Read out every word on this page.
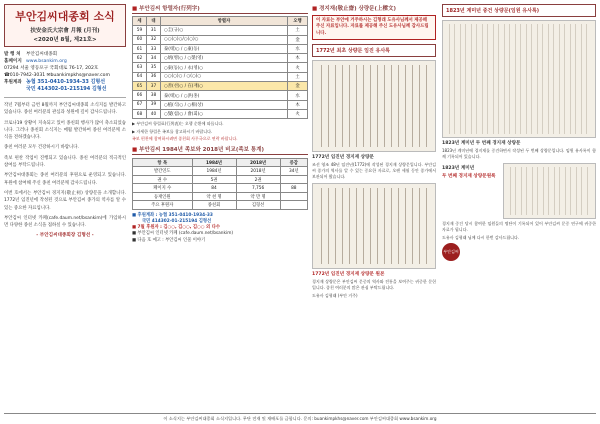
부안김씨대종회 소식
扶安金氏大宗會 月報 (月刊)
<2020년 8월, 제21호>
발 행 처 부안김씨대종회
홈페이지 www.bsankim.org
07294 서울 영등포구 국회대로 76-17, 202호
☎010-7942-3031 ✉buankimpkhs@naver.com
후원계좌 농협 351-0410-1934-33 김형선
국민 414302-01-215194 김형선
작년 7월부터 금번 8월까지 부안김씨대종회 소식지를 발간하고 있습니다. 종친 여러분의 관심과 성원에 깊이 감사드립니다.
코로나19 상황이 지속되고 있어 종친회 행사가 많이 축소되었습니다. 그러나 종친회 소식지는 매월 발간하여 종친 여러분께 소식을 전하겠습니다.
종친 여러분 모두 건강하시기 바랍니다.
족보 편찬 작업이 진행되고 있습니다. 종친 여러분의 적극적인 참여를 부탁드립니다.
부안김씨대종회는 종친 여러분의 후원으로 운영되고 있습니다. 후원에 참여해 주신 종친 여러분께 감사드립니다.
이번 호에서는 부안김씨 경지지(敬止祠) 상량문을 소개합니다. 1772년 임진년에 작성된 것으로 부안김씨 종가의 역사를 알 수 있는 중요한 자료입니다.
부안김씨 인터넷 카페(cafe.daum.net/bsankim)에 가입하시면 다양한 종친 소식을 접하실 수 있습니다.
- 부안김씨대종회장 김형선 -
■ 부안김씨 항렬자(行列字)
세	대	항렬자	오행
59	31	○圭(규)○	土
60	32	○○(○)○/○(○)○	金
61	33	泰(태)○ / ○東(동)	水
62	34	○炳(병)○ / ○榮(영)	木
63	35	○東(동)○ / 永(영)○	火
64	36	○○(○)○ / ○(○)○	土
65	37	○善(선)○ / 在(재)○	金
66	38	泰(태)○ / ○洪(홍)	水
67	39	○植(식)○ / ○相(상)	木
68	40	○燮(섭)○ / 會(회)○	火
▶ 부안김씨 항렬표(行列表)는 오행 순환에 따릅니다.
▶ 자세한 항렬은 족보를 참고하시기 바랍니다.
족보 편찬에 참여하시려면 종친회 사무국으로 연락 바랍니다.
■ 부안김씨 1984년 족보와 2018년 비교(족보 통계)
항 목	1984년	2018년	증감
발간연도	1984년	2018년	34년
권 수	5권	2권	
페이지 수	84	7,756	88
등재인원	약 천 명	약 만 명	
주요 후원자	종친회	김형선	
■ 후원계좌 : 농협 351-0410-1934-33
국민 414302-01-215194 김형선
■ 7월 후원자 : 김○○, 김○○, 김○○ 외 다수
■ 부안김씨 인터넷 카페 (cafe.daum.net/bsankim)
■ 다음 호 예고 : 부안김씨 인물 이야기
■ 경지재(敬止齋) 상량문(上樑文)
이 자료는 부안에 거주하시는 김형래 도유사님께서 제공해 주신 자료입니다. 자료를 제공해 주신 도유사님께 감사드립니다.
1772년 최초 상량문 임진 유사록
1772년 임진년 경지재 상량문
조선 영조 48년 임진년(1772)에 작성된 경지재 상량문입니다. 부안김씨 종가의 역사를 알 수 있는 중요한 자료로, 오랜 세월 동안 종가에서 보관되어 왔습니다.
1772년 임진년 경지재 상량문 원본
경지재 상량문은 부안김씨 문중의 역사와 전통을 보여주는 귀중한 문헌입니다. 종친 여러분의 많은 관심 부탁드립니다.
도유사 김형래 (부안 거주)
1823년 계미년 중건 상량문(임원 유사록)
1823년 계미년 두 번째 경지재 상량문
1823년 계미년에 경지재를 중건하면서 작성된 두 번째 상량문입니다. 임원 유사록이 함께 기록되어 있습니다.
1823년 계미년
두 번째 경지재 상량문원록
경지재 중건 당시 참여한 임원들의 명단이 기록되어 있어 부안김씨 문중 연구에 귀중한 자료가 됩니다.
도유사 김형래 님께 다시 한번 감사드립니다.
부안김씨
이 소식지는 부안김씨대종회 소식지입니다. 무단 전재 및 재배포를 금합니다. 문의: buankimpkhs@naver.com 부안김씨대종회 www.bsankim.org
